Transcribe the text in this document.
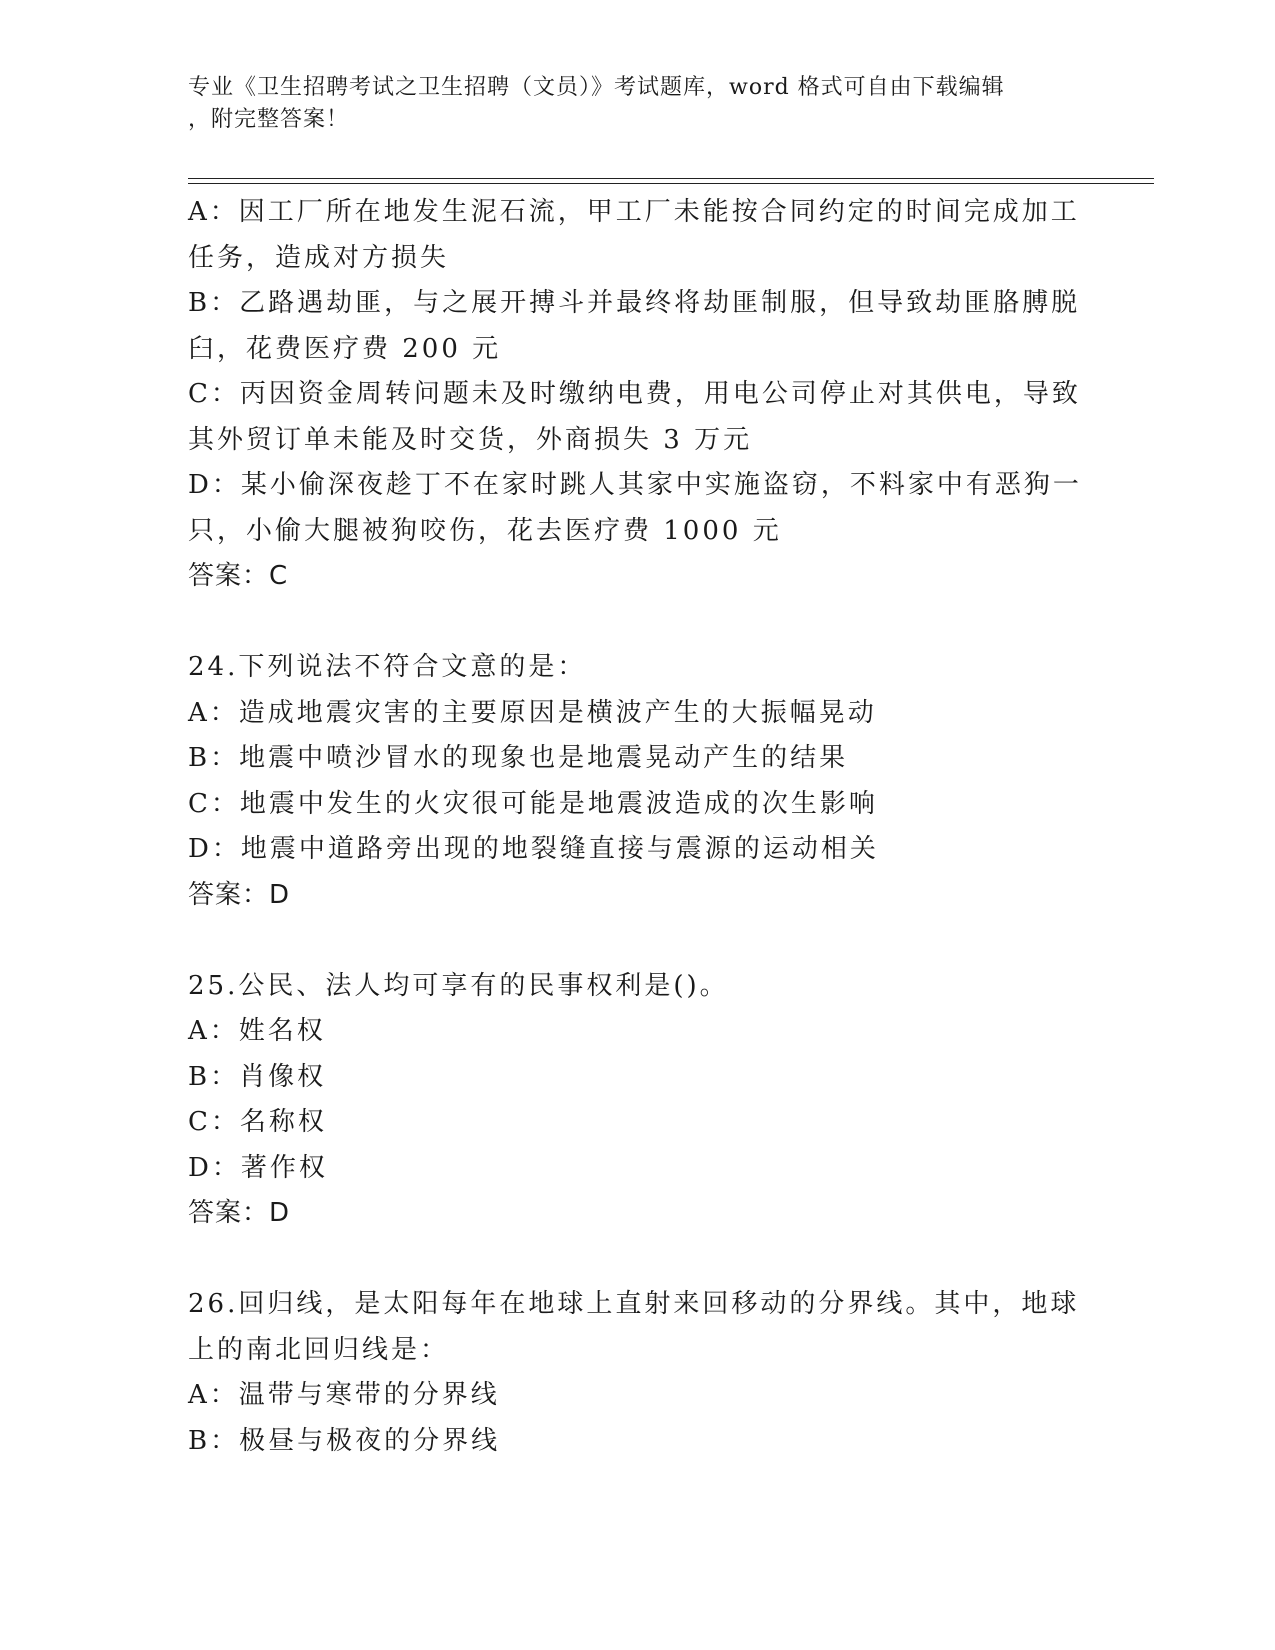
专业《卫生招聘考试之卫生招聘（文员）》考试题库，word 格式可自由下载编辑
，附完整答案！
A：因工厂所在地发生泥石流，甲工厂未能按合同约定的时间完成加工
任务，造成对方损失
B：乙路遇劫匪，与之展开搏斗并最终将劫匪制服，但导致劫匪胳膊脱
臼，花费医疗费 200 元
C：丙因资金周转问题未及时缴纳电费，用电公司停止对其供电，导致
其外贸订单未能及时交货，外商损失 3 万元
D：某小偷深夜趁丁不在家时跳人其家中实施盗窃，不料家中有恶狗一
只，小偷大腿被狗咬伤，花去医疗费 1000 元
答案：C
24.下列说法不符合文意的是：
A：造成地震灾害的主要原因是横波产生的大振幅晃动
B：地震中喷沙冒水的现象也是地震晃动产生的结果
C：地震中发生的火灾很可能是地震波造成的次生影响
D：地震中道路旁出现的地裂缝直接与震源的运动相关
答案：D
25.公民、法人均可享有的民事权利是()。
A：姓名权
B：肖像权
C：名称权
D：著作权
答案：D
26.回归线，是太阳每年在地球上直射来回移动的分界线。其中，地球
上的南北回归线是：
A：温带与寒带的分界线
B：极昼与极夜的分界线
